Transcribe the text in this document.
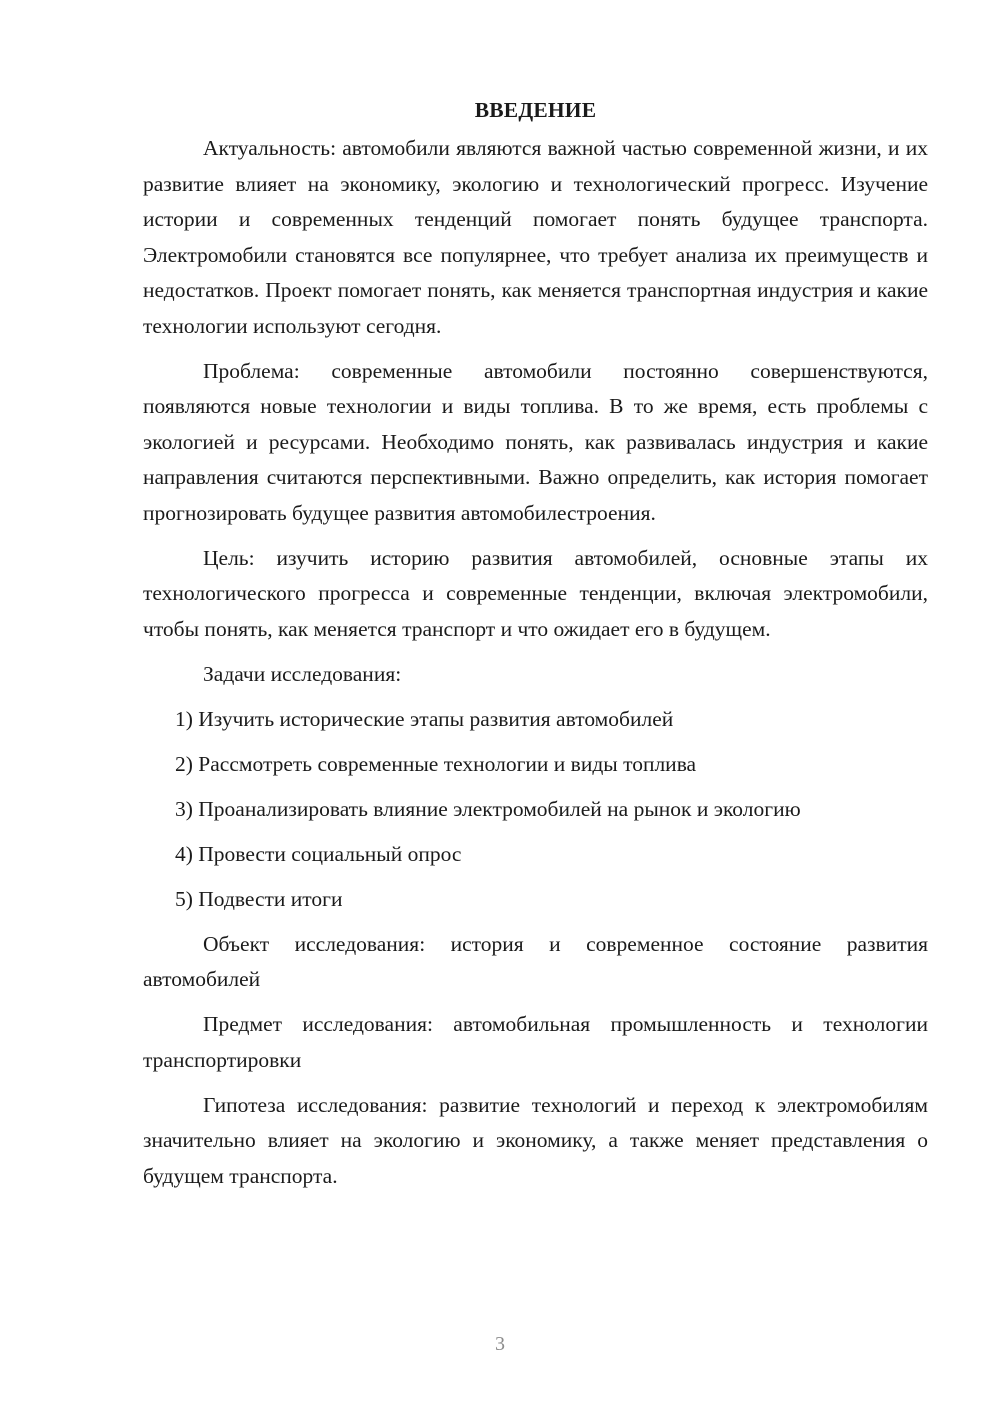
ВВЕДЕНИЕ

Актуальность: автомобили являются важной частью современной жизни, и их развитие влияет на экономику, экологию и технологический прогресс. Изучение истории и современных тенденций помогает понять будущее транспорта. Электромобили становятся все популярнее, что требует анализа их преимуществ и недостатков. Проект помогает понять, как меняется транспортная индустрия и какие технологии используют сегодня.

Проблема: современные автомобили постоянно совершенствуются, появляются новые технологии и виды топлива. В то же время, есть проблемы с экологией и ресурсами. Необходимо понять, как развивалась индустрия и какие направления считаются перспективными. Важно определить, как история помогает прогнозировать будущее развития автомобилестроения.

Цель: изучить историю развития автомобилей, основные этапы их технологического прогресса и современные тенденции, включая электромобили, чтобы понять, как меняется транспорт и что ожидает его в будущем.

Задачи исследования:

1) Изучить исторические этапы развития автомобилей
2) Рассмотреть современные технологии и виды топлива
3) Проанализировать влияние электромобилей на рынок и экологию
4) Провести социальный опрос
5) Подвести итоги

Объект исследования: история и современное состояние развития автомобилей

Предмет исследования: автомобильная промышленность и технологии транспортировки

Гипотеза исследования: развитие технологий и переход к электромобилям значительно влияет на экологию и экономику, а также меняет представления о будущем транспорта.

3
